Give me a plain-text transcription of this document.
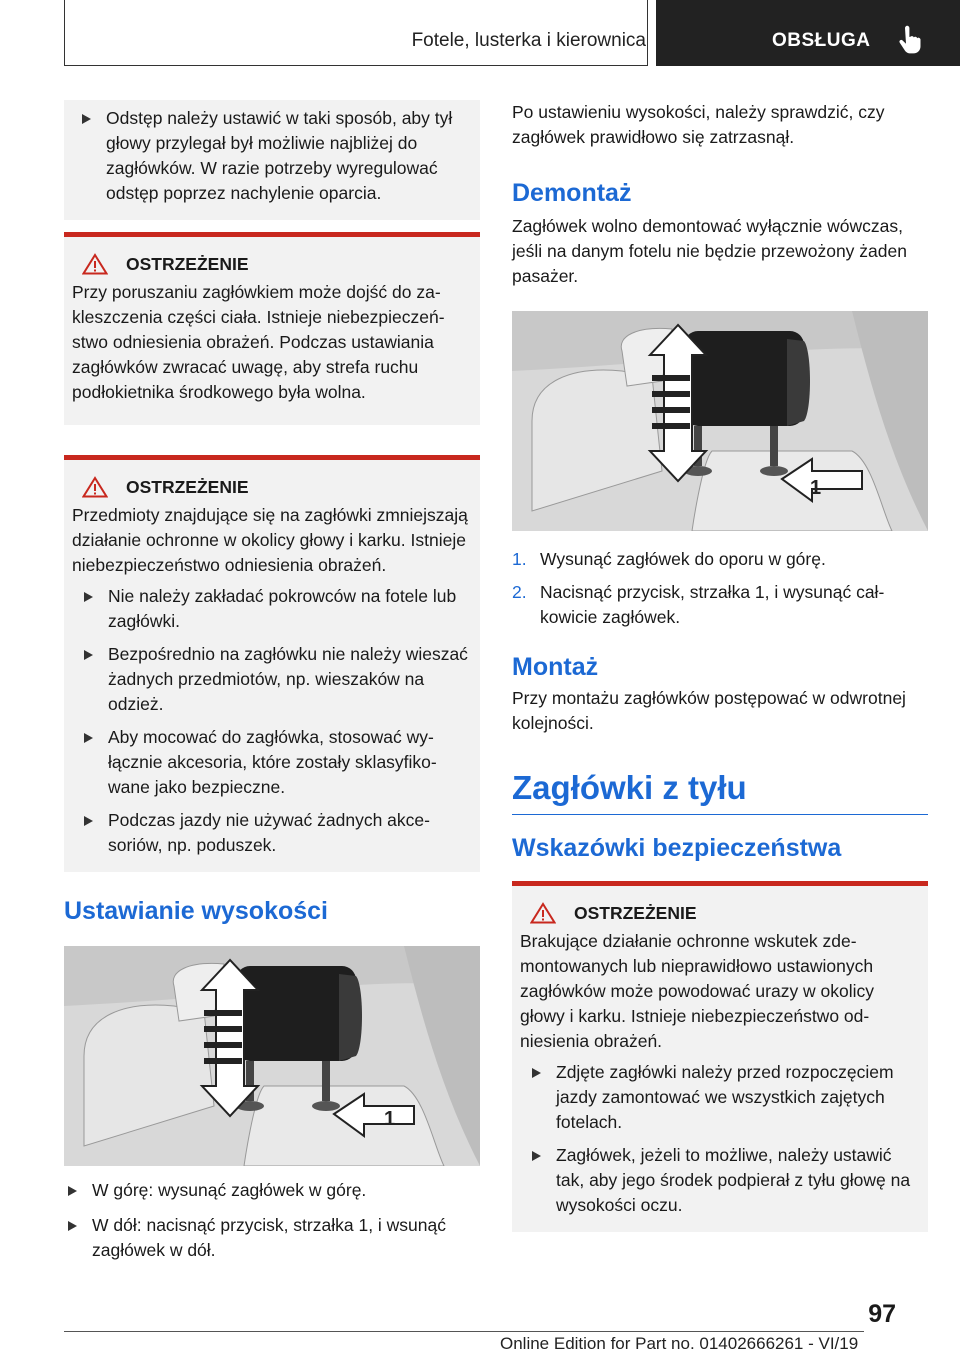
Fotele, lusterka i kierownica	OBSŁUGA
Odstęp należy ustawić w taki sposób, aby tył głowy przylegał był możliwie najbliżej do zagłówków. W razie potrzeby wyregulować odstęp poprzez nachylenie oparcia.
OSTRZEŻENIE
Przy poruszaniu zagłówkiem może dojść do zakleszczenia części ciała. Istnieje niebezpieczeństwo odniesienia obrażeń. Podczas ustawiania zagłówków zwracać uwagę, aby strefa ruchu podłokietnika środkowego była wolna.
OSTRZEŻENIE
Przedmioty znajdujące się na zagłówki zmniejszają działanie ochronne w okolicy głowy i karku. Istnieje niebezpieczeństwo odniesienia obrażeń.
Nie należy zakładać pokrowców na fotele lub zagłówki.
Bezpośrednio na zagłówku nie należy wieszać żadnych przedmiotów, np. wieszaków na odzież.
Aby mocować do zagłówka, stosować wyłącznie akcesoria, które zostały sklasyfikowane jako bezpieczne.
Podczas jazdy nie używać żadnych akcesoriów, np. poduszek.
Ustawianie wysokości
1
W górę: wysunąć zagłówek w górę.
W dół: nacisnąć przycisk, strzałka 1, i wsunąć zagłówek w dół.
Po ustawieniu wysokości, należy sprawdzić, czy zagłówek prawidłowo się zatrzasnął.
Demontaż
Zagłówek wolno demontować wyłącznie wówczas, jeśli na danym fotelu nie będzie przewożony żaden pasażer.
1
1. Wysunąć zagłówek do oporu w górę.
2. Nacisnąć przycisk, strzałka 1, i wysunąć całkowicie zagłówek.
Montaż
Przy montażu zagłówków postępować w odwrotnej kolejności.
Zagłówki z tyłu
Wskazówki bezpieczeństwa
OSTRZEŻENIE
Brakujące działanie ochronne wskutek zdemontowanych lub nieprawidłowo ustawionych zagłówków może powodować urazy w okolicy głowy i karku. Istnieje niebezpieczeństwo odniesienia obrażeń.
Zdjęte zagłówki należy przed rozpoczęciem jazdy zamontować we wszystkich zajętych fotelach.
Zagłówek, jeżeli to możliwe, należy ustawić tak, aby jego środek podpierał z tyłu głowę na wysokości oczu.
97
Online Edition for Part no. 01402666261 - VI/19
